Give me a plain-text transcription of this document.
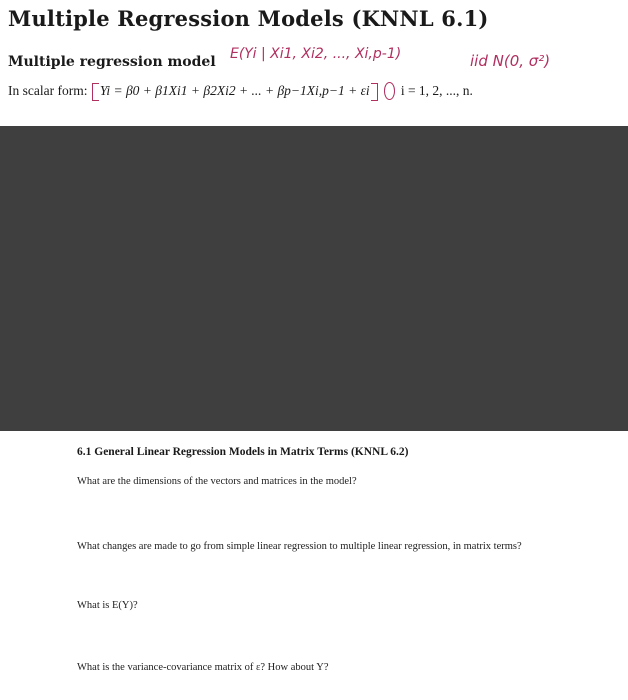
Multiple Regression Models (KNNL 6.1)
Multiple regression model E(Yi | Xi1, Xi2, ..., Xi,p-1)	iid N(0, σ²)
In scalar form: Yi = β0 + β1Xi1 + β2Xi2 + ... + βp−1Xi,p−1 + εi i = 1, 2, ..., n.
6.1 General Linear Regression Models in Matrix Terms (KNNL 6.2)
What are the dimensions of the vectors and matrices in the model?
What changes are made to go from simple linear regression to multiple linear regression, in matrix terms?
What is E(Y)?
What is the variance-covariance matrix of ε? How about Y?
